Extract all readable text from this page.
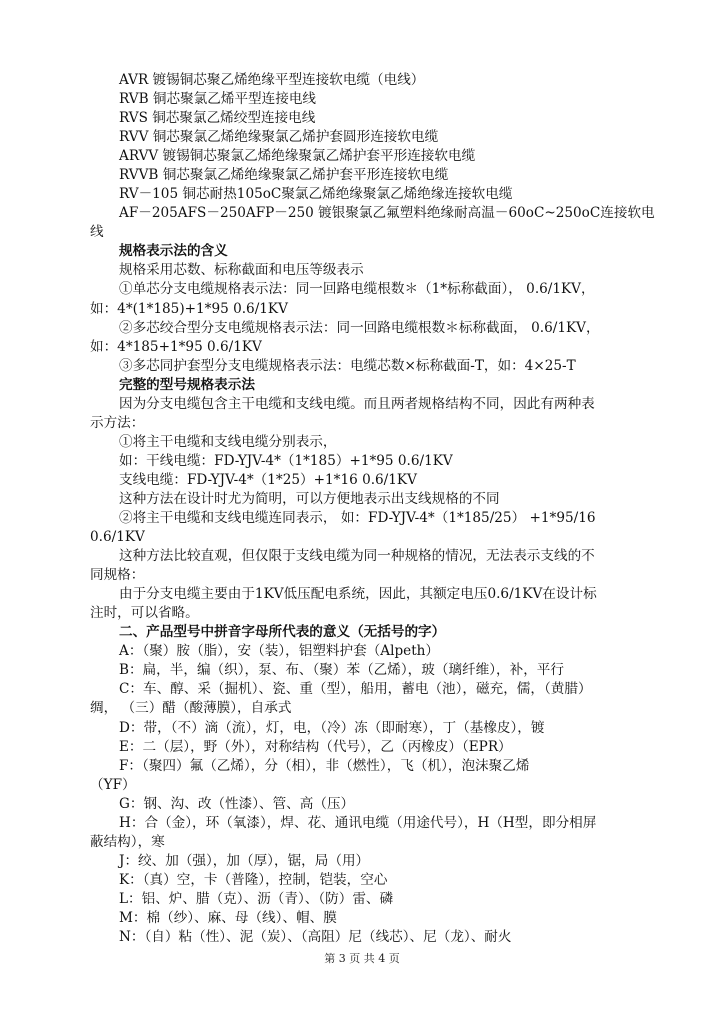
AVR 镀锡铜芯聚乙烯绝缘平型连接软电缆（电线）
RVB 铜芯聚氯乙烯平型连接电线
RVS 铜芯聚氯乙烯绞型连接电线
RVV 铜芯聚氯乙烯绝缘聚氯乙烯护套圆形连接软电缆
ARVV 镀锡铜芯聚氯乙烯绝缘聚氯乙烯护套平形连接软电缆
RVVB 铜芯聚氯乙烯绝缘聚氯乙烯护套平形连接软电缆
RV－105 铜芯耐热105oC聚氯乙烯绝缘聚氯乙烯绝缘连接软电缆
AF－205AFS－250AFP－250 镀银聚氯乙氟塑料绝缘耐高温－60oC~250oC连接软电
线
规格表示法的含义
规格采用芯数、标称截面和电压等级表示
①单芯分支电缆规格表示法：同一回路电缆根数＊（1*标称截面）， 0.6/1KV，
如：4*(1*185)+1*95 0.6/1KV
②多芯绞合型分支电缆规格表示法：同一回路电缆根数＊标称截面， 0.6/1KV，
如：4*185+1*95 0.6/1KV
③多芯同护套型分支电缆规格表示法：电缆芯数×标称截面-T，如：4×25-T
完整的型号规格表示法
因为分支电缆包含主干电缆和支线电缆。而且两者规格结构不同，因此有两种表
示方法：
①将主干电缆和支线电缆分别表示，
如：干线电缆：FD-YJV-4*（1*185）+1*95 0.6/1KV
支线电缆：FD-YJV-4*（1*25）+1*16 0.6/1KV
这种方法在设计时尤为简明，可以方便地表示出支线规格的不同
②将主干电缆和支线电缆连同表示， 如：FD-YJV-4*（1*185/25） +1*95/16
0.6/1KV
这种方法比较直观，但仅限于支线电缆为同一种规格的情况，无法表示支线的不
同规格：
由于分支电缆主要由于1KV低压配电系统，因此，其额定电压0.6/1KV在设计标
注时，可以省略。
二、产品型号中拼音字母所代表的意义（无括号的字）
A：（聚）胺（脂），安（装），铝塑料护套（Alpeth）
B：扁，半，编（织），泵、布、（聚）苯（乙烯），玻（璃纤维），补，平行
C：车、醇、采（掘机）、瓷、重（型），船用，蓄电（池），磁充，儒，（黄腊）
绸， （三）醋（酸薄膜），自承式
D：带，（不）滴（流），灯，电，（冷）冻（即耐寒），丁（基橡皮），镀
E：二（层），野（外），对称结构（代号），乙（丙橡皮）（EPR）
F：（聚四）氟（乙烯），分（相），非（燃性），飞（机），泡沫聚乙烯
（YF）
G：钢、沟、改（性漆）、管、高（压）
H：合（金），环（氧漆），焊、花、通讯电缆（用途代号），H（H型，即分相屏
蔽结构），寒
J：绞、加（强），加（厚），锯，局（用）
K：（真）空，卡（普隆），控制，铠装，空心
L：铝、炉、腊（克）、沥（青）、（防）雷、磷
M：棉（纱）、麻、母（线）、帽、膜
N：（自）粘（性）、泥（炭）、（高阻）尼（线芯）、尼（龙）、耐火
第 3 页 共 4 页
